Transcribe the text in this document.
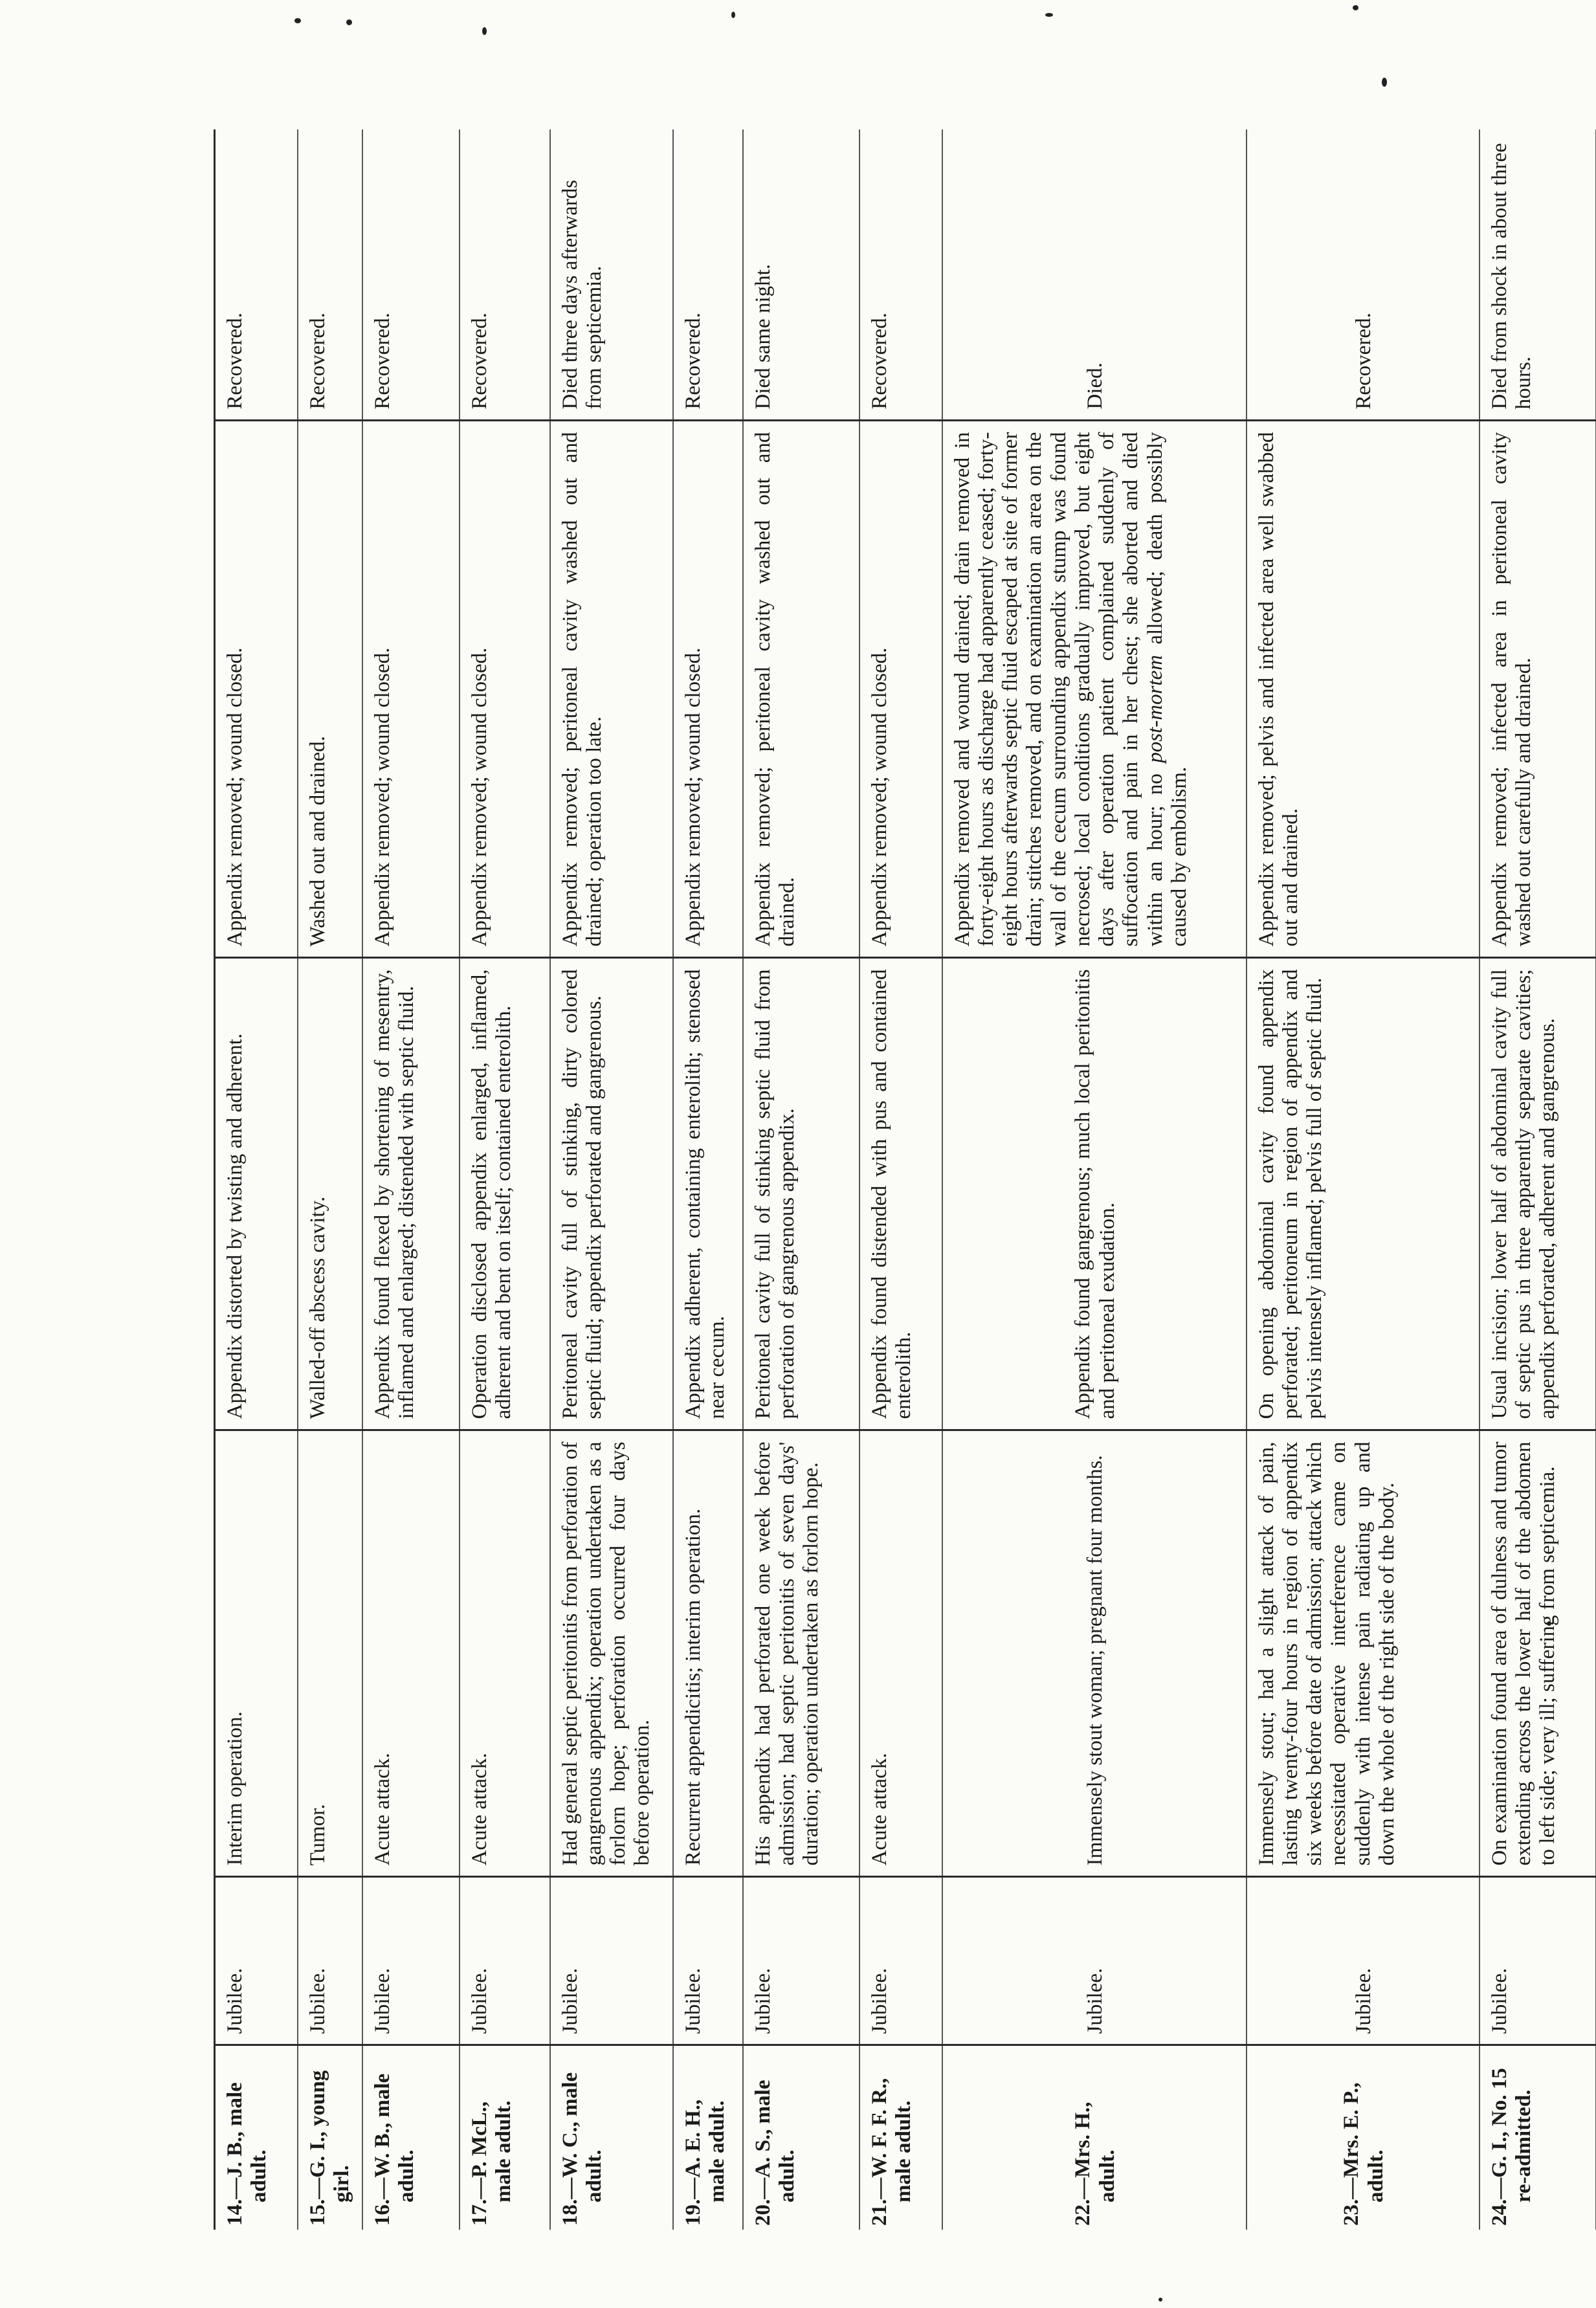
14.—J. B., male adult.	Jubilee.	Interim operation.	Appendix distorted by twisting and adherent.	Appendix removed; wound closed.	Recovered.

15.—G. I., young girl.	Jubilee.	Tumor.	Walled-off abscess cavity.	Washed out and drained.	Recovered.

16.—W. B., male adult.	Jubilee.	Acute attack.	Appendix found flexed by shortening of mesentry, inflamed and enlarged; distended with septic fluid.	Appendix removed; wound closed.	Recovered.

17.—P. McL., male adult.	Jubilee.	Acute attack.	Operation disclosed appendix enlarged, inflamed, adherent and bent on itself; contained enterolith.	Appendix removed; wound closed.	Recovered.

18.—W. C., male adult.	Jubilee.	Had general septic peritonitis from perforation of gangrenous appendix; operation undertaken as a forlorn hope; perforation occurred four days before operation.	Peritoneal cavity full of stinking, dirty colored septic fluid; appendix perforated and gangrenous.	Appendix removed; peritoneal cavity washed out and drained; operation too late.	Died three days afterwards from septicemia.

19.—A. E. H., male adult.	Jubilee.	Recurrent appendicitis; interim operation.	Appendix adherent, containing enterolith; stenosed near cecum.	Appendix removed; wound closed.	Recovered.

20.—A. S., male adult.	Jubilee.	His appendix had perforated one week before admission; had septic peritonitis of seven days' duration; operation undertaken as forlorn hope.	Peritoneal cavity full of stinking septic fluid from perforation of gangrenous appendix.	Appendix removed; peritoneal cavity washed out and drained.	Died same night.

21.—W. F. F. R., male adult.	Jubilee.	Acute attack.	Appendix found distended with pus and contained enterolith.	Appendix removed; wound closed.	Recovered.

22.—Mrs. H., adult.	Jubilee.	Immensely stout woman; pregnant four months.	Appendix found gangrenous; much local peritonitis and peritoneal exudation.	Appendix removed and wound drained; drain removed in forty-eight hours as discharge had apparently ceased; forty-eight hours afterwards septic fluid escaped at site of former drain; stitches removed, and on examination an area on the wall of the cecum surrounding appendix stump was found necrosed; local conditions gradually improved, but eight days after operation patient complained suddenly of suffocation and pain in her chest; she aborted and died within an hour; no post-mortem allowed; death possibly caused by embolism.	Died.

23.—Mrs. E. P., adult.	Jubilee.	Immensely stout; had a slight attack of pain, lasting twenty-four hours in region of appendix six weeks before date of admission; attack which necessitated operative interference came on suddenly with intense pain radiating up and down the whole of the right side of the body.	On opening abdominal cavity found appendix perforated; peritoneum in region of appendix and pelvis intensely inflamed; pelvis full of septic fluid.	Appendix removed; pelvis and infected area well swabbed out and drained.	Recovered.

24.—G. I., No. 15 re-admitted.	Jubilee.	On examination found area of dulness and tumor extending across the lower half of the abdomen to left side; very ill; suffering from septicemia.	Usual incision; lower half of abdominal cavity full of septic pus in three apparently separate cavities; appendix perforated, adherent and gangrenous.	Appendix removed; infected area in peritoneal cavity washed out carefully and drained.	Died from shock in about three hours.
